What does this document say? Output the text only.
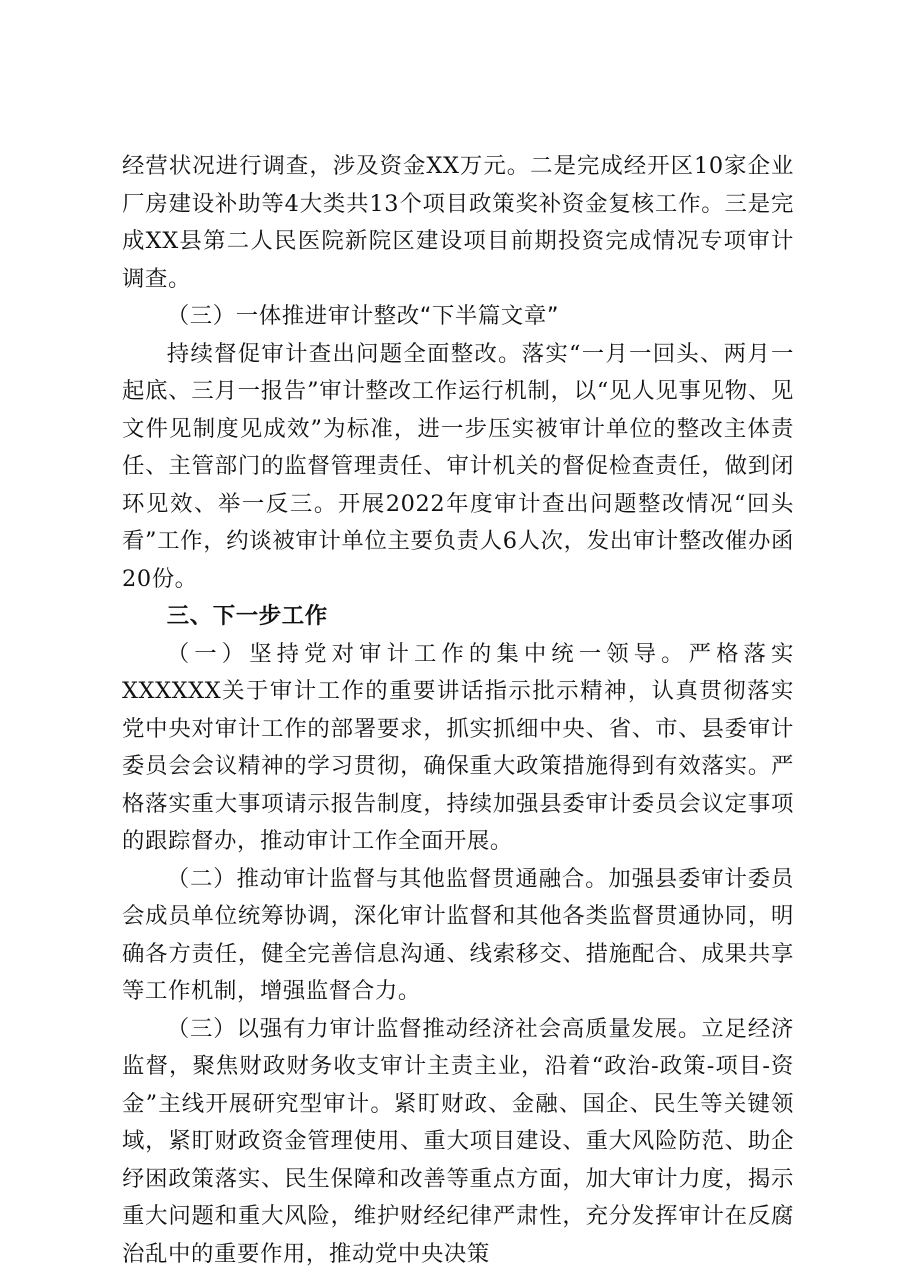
经营状况进行调查，涉及资金XX万元。二是完成经开区10家企业厂房建设补助等4大类共13个项目政策奖补资金复核工作。三是完成XX县第二人民医院新院区建设项目前期投资完成情况专项审计调查。

（三）一体推进审计整改“下半篇文章”

持续督促审计查出问题全面整改。落实“一月一回头、两月一起底、三月一报告”审计整改工作运行机制，以“见人见事见物、见文件见制度见成效”为标准，进一步压实被审计单位的整改主体责任、主管部门的监督管理责任、审计机关的督促检查责任，做到闭环见效、举一反三。开展2022年度审计查出问题整改情况“回头看”工作，约谈被审计单位主要负责人6人次，发出审计整改催办函20份。

三、下一步工作

（一）坚持党对审计工作的集中统一领导。严格落实XXXXXX关于审计工作的重要讲话指示批示精神，认真贯彻落实党中央对审计工作的部署要求，抓实抓细中央、省、市、县委审计委员会会议精神的学习贯彻，确保重大政策措施得到有效落实。严格落实重大事项请示报告制度，持续加强县委审计委员会议定事项的跟踪督办，推动审计工作全面开展。

（二）推动审计监督与其他监督贯通融合。加强县委审计委员会成员单位统筹协调，深化审计监督和其他各类监督贯通协同，明确各方责任，健全完善信息沟通、线索移交、措施配合、成果共享等工作机制，增强监督合力。

（三）以强有力审计监督推动经济社会高质量发展。立足经济监督，聚焦财政财务收支审计主责主业，沿着“政治-政策-项目-资金”主线开展研究型审计。紧盯财政、金融、国企、民生等关键领域，紧盯财政资金管理使用、重大项目建设、重大风险防范、助企纾困政策落实、民生保障和改善等重点方面，加大审计力度，揭示重大问题和重大风险，维护财经纪律严肃性，充分发挥审计在反腐治乱中的重要作用，推动党中央决策
